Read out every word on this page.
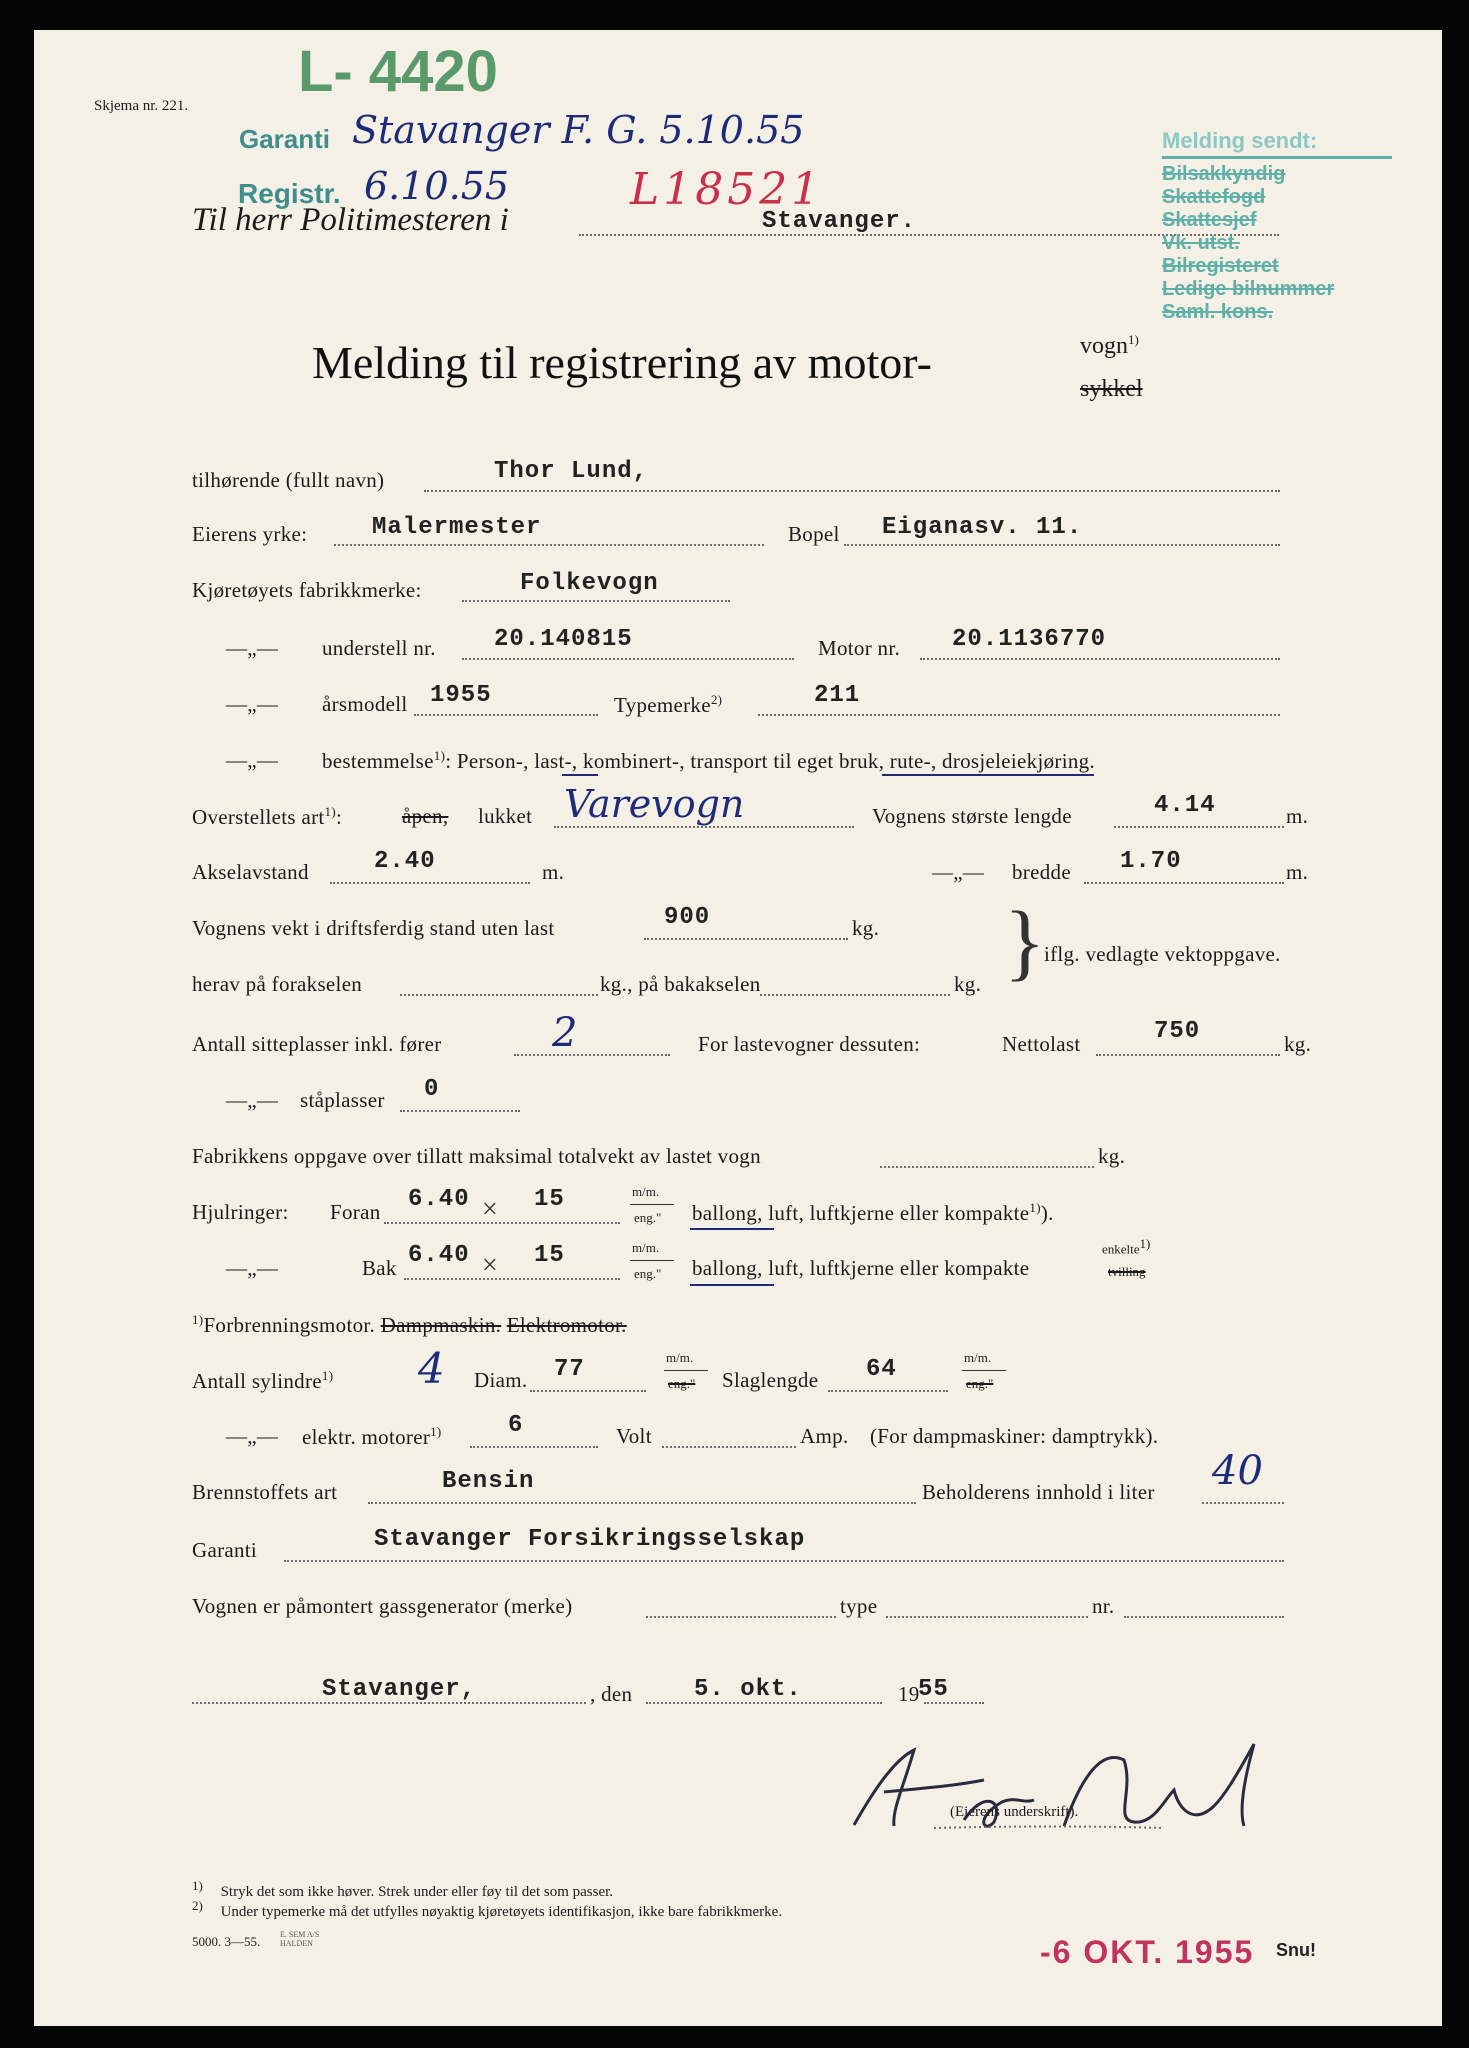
L- 4420
Skjema nr. 221.
Garanti Stavanger F. G. 5.10.55
Registr. 6.10.55	L18521
Til herr Politimesteren i	Stavanger.
Melding sendt:
Bilsakkyndig
Skattefogd
Skattesjef
Vk. utst.
Bilregisteret
Ledige bilnummer
Saml. kons.
Melding til registrering av motor-	vogn$^{1)}$
sykkel
tilhørende (fullt navn)	Thor Lund,
Eierens yrke:	Malermester	Bopel Eiganasv. 11.
Kjøretøyets fabrikkmerke:	Folkevogn
—„— understell nr. 20.140815	Motor nr. 20.1136770
—„— årsmodell 1955	Typemerke$^{2)}$	211
—„— bestemmelse$^{1)}$: Person-, last-, kombinert-, transport til eget bruk, rute-, drosjeleiekjøring.
Overstellets art$^{1)}$:	åpen, lukket Varevogn	Vognens største lengde	4.14	m.
Akselavstand	2.40	m.	—„— bredde 1.70	m.
Vognens vekt i driftsferdig stand uten last	900	kg. }
iflg. vedlagte vektoppgave.
herav på forakselen	kg., på bakakselen	kg.
Antall sitteplasser inkl. fører	2	For lastevogner dessuten:	Nettolast	750	kg.
—„— ståplasser 0
Fabrikkens oppgave over tillatt maksimal totalvekt av lastet vogn	kg.
Hjulringer: Foran 6.40 × 15	m/m.
eng." ballong, luft, luftkjerne eller kompakte$^{1)}$).
—„—	Bak 6.40 × 15	m/m.
eng." ballong, luft, luftkjerne eller kompakte
enkelte1)
tvilling
$^{1)}$Forbrenningsmotor. Dampmaskin. Elektromotor.
Antall sylindre$^{1)}$ 4 Diam. 77	m/m.
eng." Slaglengde 64	m/m.
eng."
—„— elektr. motorer$^{1)}$	6	Volt	Amp. (For dampmaskiner: damptrykk).
Brennstoffets art	Bensin	Beholderens innhold i liter 40
Garanti	Stavanger Forsikringsselskap
Vognen er påmontert gassgenerator (merke)	type	nr.
Stavanger,	, den	5. okt.	19
55
(Eierens underskrift).
1) Stryk det som ikke høver. Strek under eller føy til det som passer.
2) Under typemerke må det utfylles nøyaktig kjøretøyets identifikasjon, ikke bare fabrikkmerke.
5000. 3—55. E. SEM A/S HALDEN	-6 OKT. 1955 Snu!
